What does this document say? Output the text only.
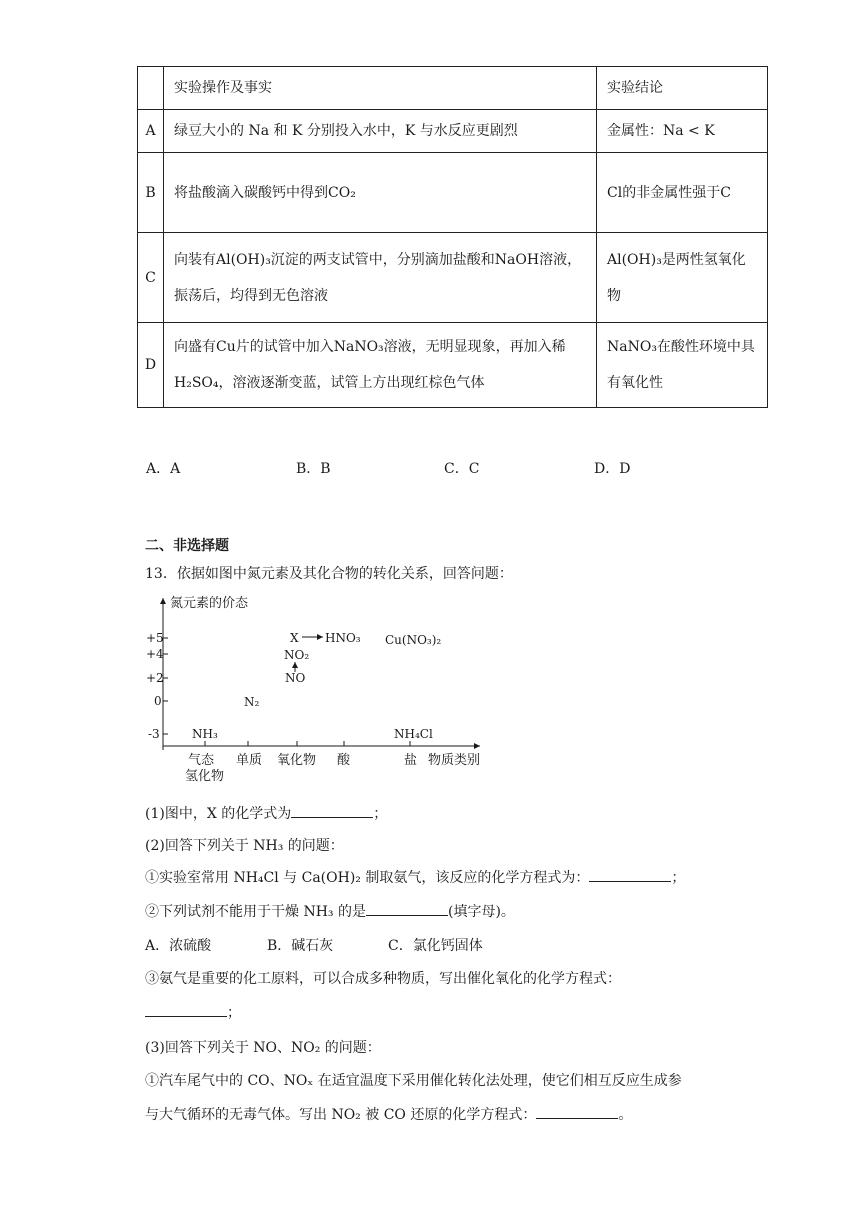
	实验操作及事实	实验结论
A	绿豆大小的 Na 和 K 分别投入水中，K 与水反应更剧烈	金属性：Na < K
B	将盐酸滴入碳酸钙中得到CO₂	Cl的非金属性强于C
C	向装有Al(OH)₃沉淀的两支试管中，分别滴加盐酸和NaOH溶液，振荡后，均得到无色溶液	Al(OH)₃是两性氢氧化物
D	向盛有Cu片的试管中加入NaNO₃溶液，无明显现象，再加入稀H₂SO₄，溶液逐渐变蓝，试管上方出现红棕色气体	NaNO₃在酸性环境中具有氧化性
A．A	B．B	C．C	D．D
二、非选择题
13．依据如图中氮元素及其化合物的转化关系，回答问题：
氮元素的价态
+5
+4
+2
0
-3
气态
氢化物
单质 氧化物 酸	盐 物质类别
X HNO₃ Cu(NO₃)₂
NO₂
NO
N₂
NH₃	NH₄Cl
(1)图中，X 的化学式为	；
(2)回答下列关于 NH₃ 的问题：
①实验室常用 NH₄Cl 与 Ca(OH)₂ 制取氨气，该反应的化学方程式为：	；
②下列试剂不能用于干燥 NH₃ 的是	(填字母)。
A．浓硫酸	B．碱石灰	C．氯化钙固体
③氨气是重要的化工原料，可以合成多种物质，写出催化氧化的化学方程式：
；
(3)回答下列关于 NO、NO₂ 的问题：
①汽车尾气中的 CO、NOₓ 在适宜温度下采用催化转化法处理，使它们相互反应生成参
与大气循环的无毒气体。写出 NO₂ 被 CO 还原的化学方程式：	。
